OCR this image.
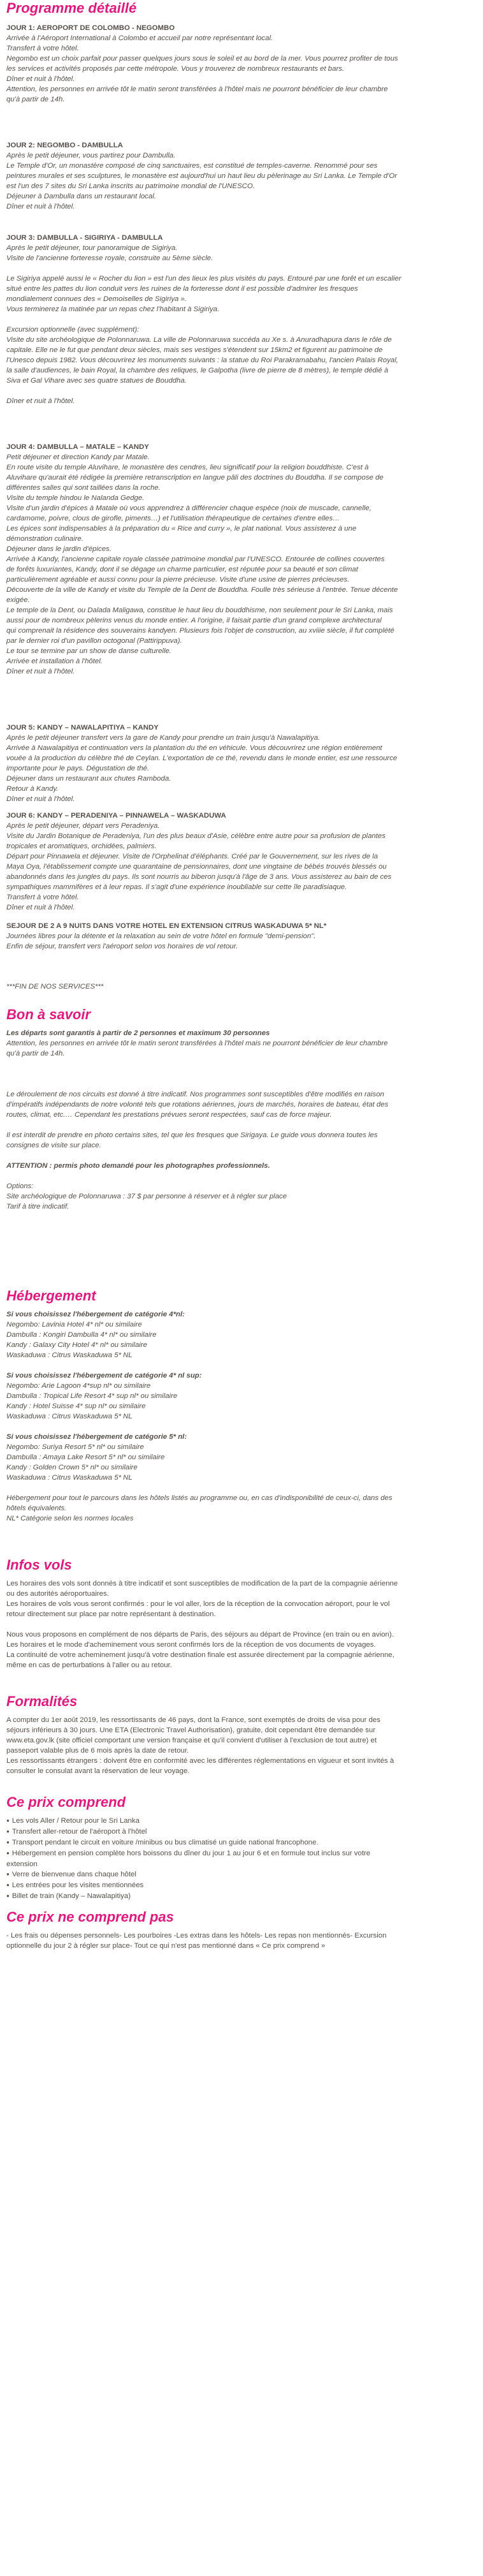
Programme détaillé

JOUR 1: AEROPORT DE COLOMBO - NEGOMBO

Arrivée à l'Aéroport International à Colombo et accueil par notre représentant local.

Transfert à votre hôtel.

Negombo est un choix parfait pour passer quelques jours sous le soleil et au bord de la mer. Vous pourrez profiter de tous

les services et activités proposés par cette métropole. Vous y trouverez de nombreux restaurants et bars.

Dîner et nuit à l'hôtel.

Attention, les personnes en arrivée tôt le matin seront transférées à l'hôtel mais ne pourront bénéficier de leur chambre

qu'à partir de 14h.

JOUR 2: NEGOMBO - DAMBULLA

Après le petit déjeuner, vous partirez pour Dambulla.

Le Temple d'Or, un monastère composé de cinq sanctuaires, est constitué de temples-caverne. Renommé pour ses

peintures murales et ses sculptures, le monastère est aujourd'hui un haut lieu du pèlerinage au Sri Lanka. Le Temple d'Or

est l'un des 7 sites du Sri Lanka inscrits au patrimoine mondial de l'UNESCO.

Déjeuner à Dambulla dans un restaurant local.

Dîner et nuit à l'hôtel.

JOUR 3: DAMBULLA - SIGIRIYA - DAMBULLA

Après le petit déjeuner, tour panoramique de Sigiriya.

Visite de l'ancienne forteresse royale, construite au 5ème siècle.

Le Sigiriya appelé aussi le « Rocher du lion » est l'un des lieux les plus visités du pays. Entouré par une forêt et un escalier

situé entre les pattes du lion conduit vers les ruines de la forteresse dont il est possible d'admirer les fresques

mondialement connues des « Demoiselles de Sigiriya ».

Vous terminerez la matinée par un repas chez l'habitant à Sigiriya.

Excursion optionnelle (avec supplément):

Visite du site archéologique de Polonnaruwa. La ville de Polonnaruwa succéda au Xe s. à Anuradhapura dans le rôle de

capitale. Elle ne le fut que pendant deux siècles, mais ses vestiges s'étendent sur 15km2 et figurent au patrimoine de

l'Unesco depuis 1982. Vous découvrirez les monuments suivants : la statue du Roi Parakramabahu, l'ancien Palais Royal,

la salle d'audiences, le bain Royal, la chambre des reliques, le Galpotha (livre de pierre de 8 mètres), le temple dédié à

Siva et Gal Vihare avec ses quatre statues de Bouddha.

Dîner et nuit à l'hôtel.

JOUR 4: DAMBULLA – MATALE – KANDY

Petit déjeuner et direction Kandy par Matale.

En route visite du temple Aluvihare, le monastère des cendres, lieu significatif pour la religion bouddhiste. C'est à

Aluvihare qu'aurait été rédigée la première retranscription en langue pâli des doctrines du Bouddha. Il se compose de

différentes salles qui sont taillées dans la roche.

Visite du temple hindou le Nalanda Gedge.

Visite d'un jardin d'épices à Matale où vous apprendrez à différencier chaque espèce (noix de muscade, cannelle,

cardamome, poivre, clous de girofle, piments…) et l'utilisation thérapeutique de certaines d'entre elles…

Les épices sont indispensables à la préparation du « Rice and curry », le plat national. Vous assisterez à une

démonstration culinaire.

Déjeuner dans le jardin d'épices.

Arrivée à Kandy, l'ancienne capitale royale classée patrimoine mondial par l'UNESCO. Entourée de collines couvertes

de forêts luxuriantes, Kandy, dont il se dégage un charme particulier, est réputée pour sa beauté et son climat

particulièrement agréable et aussi connu pour la pierre précieuse. Visite d'une usine de pierres précieuses.

Découverte de la ville de Kandy et visite du Temple de la Dent de Bouddha. Foulle très sérieuse à l'entrée. Tenue décente

exigée.

Le temple de la Dent, ou Dalada Maligawa, constitue le haut lieu du bouddhisme, non seulement pour le Sri Lanka, mais

aussi pour de nombreux pèlerins venus du monde entier. A l'origine, il faisait partie d'un grand complexe architectural

qui comprenait la résidence des souverains kandyen. Plusieurs fois l'objet de construction, au xviiie siècle, il fut complété

par le dernier roi d'un pavillon octogonal (Pattirippuva).

Le tour se termine par un show de danse culturelle.

Arrivée et installation à l'hôtel.

Dîner et nuit à l'hôtel.

JOUR 5: KANDY – NAWALAPITIYA – KANDY

Après le petit déjeuner transfert vers la gare de Kandy pour prendre un train jusqu'à Nawalapitiya.

Arrivée à Nawalapitiya et continuation vers la plantation du thé en véhicule. Vous découvrirez une région entièrement

vouée à la production du célèbre thé de Ceylan. L'exportation de ce thé, revendu dans le monde entier, est une ressource

importante pour le pays. Dégustation de thé.

Déjeuner dans un restaurant aux chutes Ramboda.

Retour à Kandy.

Dîner et nuit à l'hôtel.

JOUR 6: KANDY – PERADENIYA – PINNAWELA – WASKADUWA

Après le petit déjeuner, départ vers Peradeniya.

Visite du Jardin Botanique de Peradeniya, l'un des plus beaux d'Asie, célèbre entre autre pour sa profusion de plantes

tropicales et aromatiques, orchidées, palmiers.

Départ pour Pinnawela et déjeuner. Visite de l'Orphelinat d'éléphants. Créé par le Gouvernement, sur les rives de la

Maya Oya, l'établissement compte une quarantaine de pensionnaires, dont une vingtaine de bébés trouvés blessés ou

abandonnés dans les jungles du pays. Ils sont nourris au biberon jusqu'à l'âge de 3 ans. Vous assisterez au bain de ces

sympathiques mammifères et à leur repas. Il s'agit d'une expérience inoubliable sur cette île paradisiaque.

Transfert à votre hôtel.

Dîner et nuit à l'hôtel.

SEJOUR DE 2 A 9 NUITS DANS VOTRE HOTEL EN EXTENSION CITRUS WASKADUWA 5* NL*

Journées libres pour la détente et la relaxation au sein de votre hôtel en formule "demi-pension".

Enfin de séjour, transfert vers l'aéroport selon vos horaires de vol retour.

***FIN DE NOS SERVICES***

Bon à savoir

Les départs sont garantis à partir de 2 personnes et maximum 30 personnes

Attention, les personnes en arrivée tôt le matin seront transférées à l'hôtel mais ne pourront bénéficier de leur chambre

qu'à partir de 14h.

Le déroulement de nos circuits est donné à titre indicatif. Nos programmes sont susceptibles d'être modifiés en raison

d'impératifs indépendants de notre volonté tels que rotations aériennes, jours de marchés, horaires de bateau, état des

routes, climat, etc.… Cependant les prestations prévues seront respectées, sauf cas de force majeur.

Il est interdit de prendre en photo certains sites, tel que les fresques que Sirigaya. Le guide vous donnera toutes les

consignes de visite sur place.

ATTENTION : permis photo demandé pour les photographes professionnels.

Options:

Site archéologique de Polonnaruwa : 37 $ par personne à réserver et à régler sur place

Tarif à titre indicatif.

Hébergement

Si vous choisissez l'hébergement de catégorie 4*nl:

Negombo: Lavinia Hotel 4* nl* ou similaire

Dambulla : Kongiri Dambulla 4* nl* ou similaire

Kandy : Galaxy City Hotel 4* nl* ou similaire

Waskaduwa : Citrus Waskaduwa 5* NL

Si vous choisissez l'hébergement de catégorie 4* nl sup:

Negombo: Arie Lagoon 4*sup nl* ou similaire

Dambulla : Tropical Life Resort 4* sup nl* ou similaire

Kandy : Hotel Suisse 4* sup nl* ou similaire

Waskaduwa : Citrus Waskaduwa 5* NL

Si vous choisissez l'hébergement de catégorie 5* nl:

Negombo: Suriya Resort 5* nl* ou similaire

Dambulla : Amaya Lake Resort 5* nl* ou similaire

Kandy : Golden Crown 5* nl* ou similaire

Waskaduwa : Citrus Waskaduwa 5* NL

Hébergement pour tout le parcours dans les hôtels listés au programme ou, en cas d'indisponibilité de ceux-ci, dans des

hôtels équivalents.

NL* Catégorie selon les normes locales

Infos vols

Les horaires des vols sont donnés à titre indicatif et sont susceptibles de modification de la part de la compagnie aérienne

ou des autorités aéroportuaires.

Les horaires de vols vous seront confirmés : pour le vol aller, lors de la réception de la convocation aéroport, pour le vol

retour directement sur place par notre représentant à destination.

Nous vous proposons en complément de nos départs de Paris, des séjours au départ de Province (en train ou en avion).

Les horaires et le mode d'acheminement vous seront confirmés lors de la réception de vos documents de voyages.

La continuité de votre acheminement jusqu'à votre destination finale est assurée directement par la compagnie aérienne,

même en cas de perturbations à l'aller ou au retour.

Formalités

A compter du 1er août 2019, les ressortissants de 46 pays, dont la France, sont exemptés de droits de visa pour des

séjours inférieurs à 30 jours. Une ETA (Electronic Travel Authorisation), gratuite, doit cependant être demandée sur

www.eta.gov.lk (site officiel comportant une version française et qu'il convient d'utiliser à l'exclusion de tout autre) et

passeport valable plus de 6 mois après la date de retour.

Les ressortissants étrangers : doivent être en conformité avec les différentes réglementations en vigueur et sont invités à

consulter le consulat avant la réservation de leur voyage.

Ce prix comprend

● Les vols Aller / Retour pour le Sri Lanka

● Transfert aller-retour de l'aéroport à l'hôtel

● Transport pendant le circuit en voiture /minibus ou bus climatisé un guide national francophone.

● Hébergement en pension complète hors boissons du dîner du jour 1 au jour 6 et en formule tout inclus sur votre

extension

● Verre de bienvenue dans chaque hôtel

● Les entrées pour les visites mentionnées

● Billet de train (Kandy – Nawalapitiya)

Ce prix ne comprend pas

- Les frais ou dépenses personnels- Les pourboires -Les extras dans les hôtels- Les repas non mentionnés- Excursion

optionnelle du jour 2 à régler sur place- Tout ce qui n'est pas mentionné dans « Ce prix comprend »
